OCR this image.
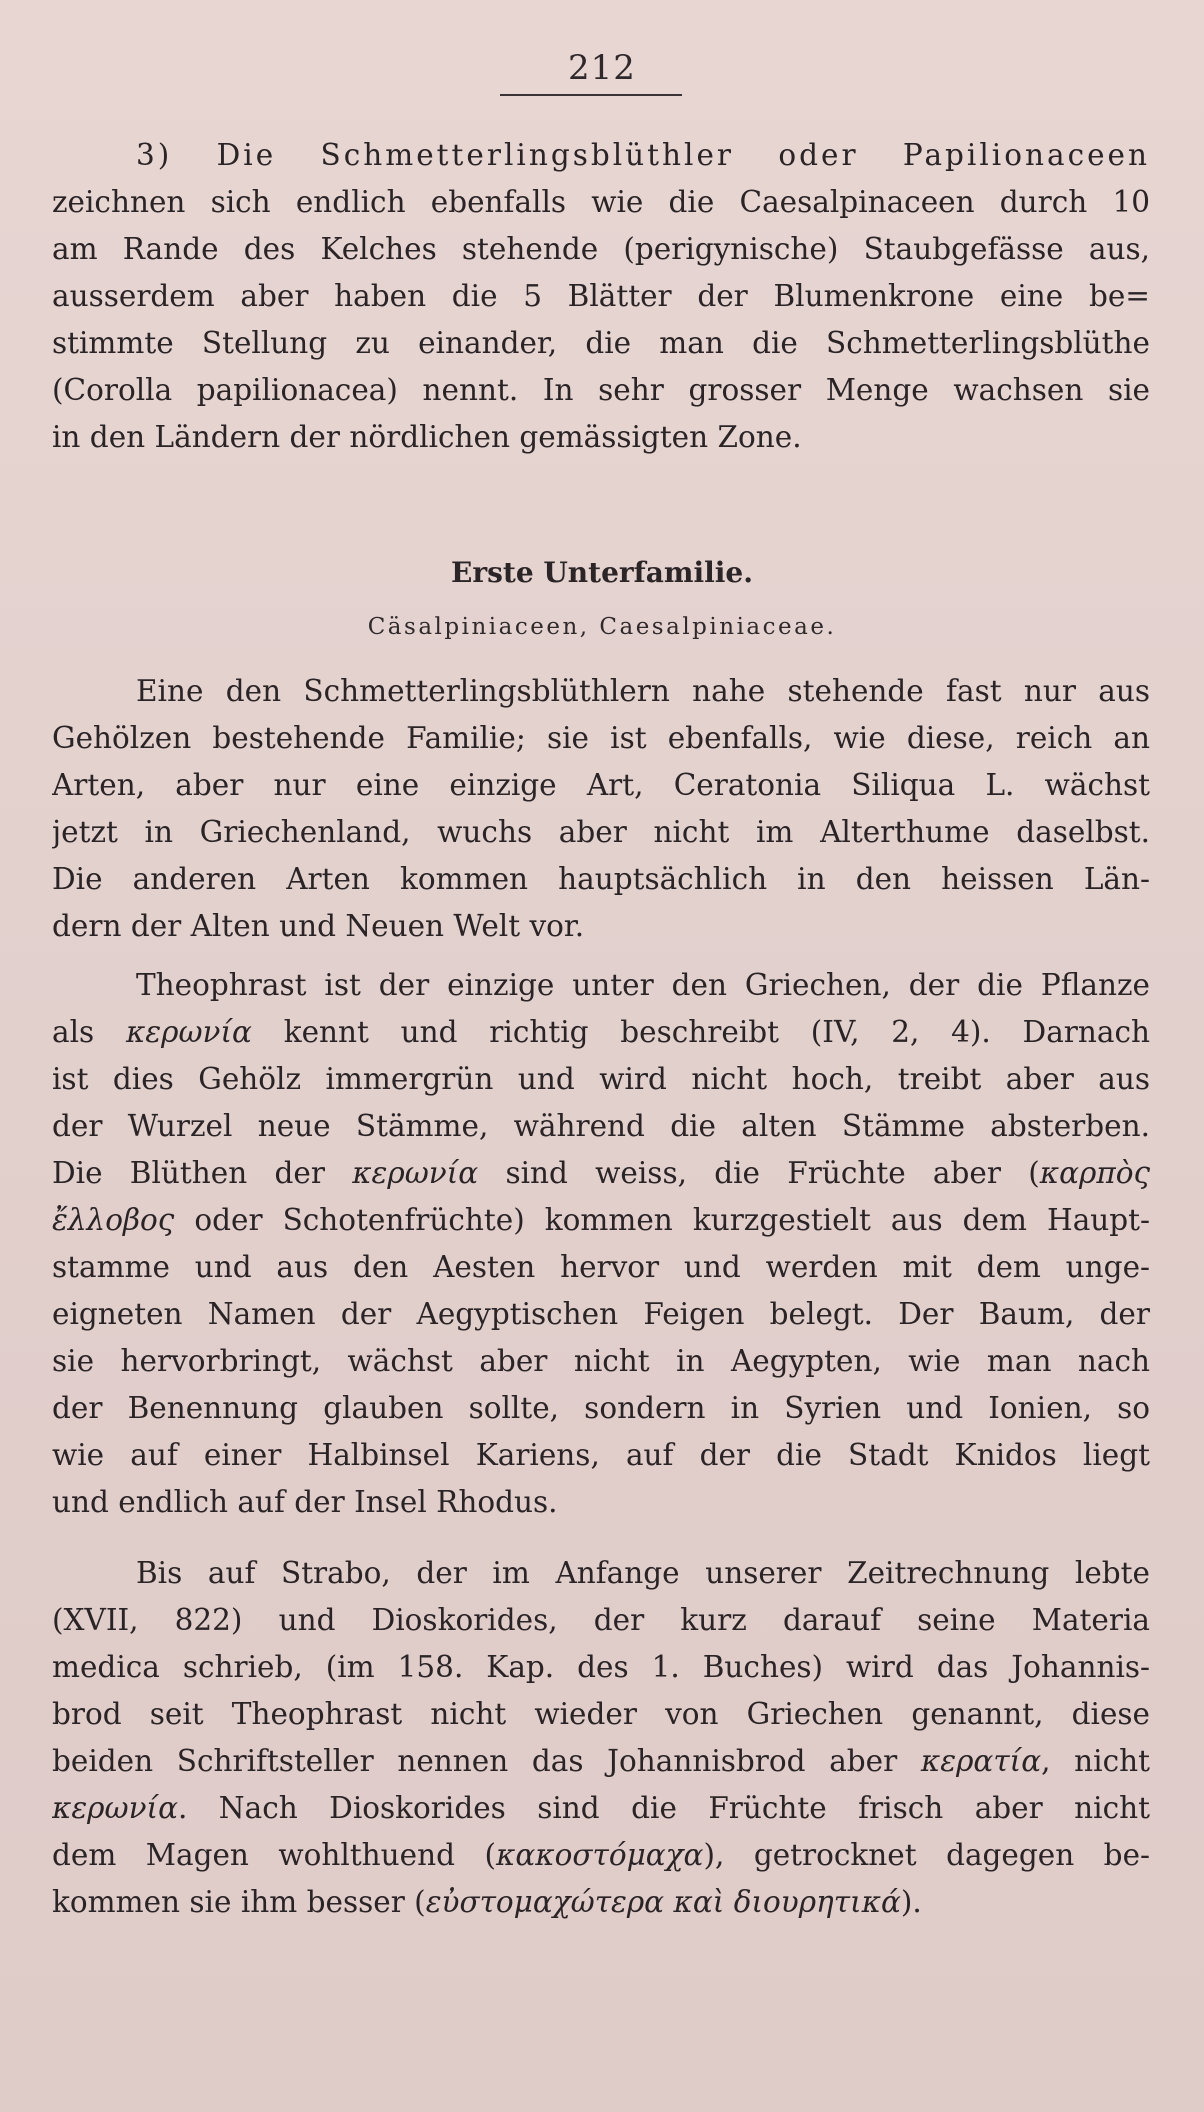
212
3) Die Schmetterlingsblüthler oder Papilionaceen
zeichnen sich endlich ebenfalls wie die Caesalpinaceen durch 10
am Rande des Kelches stehende (perigynische) Staubgefässe aus,
ausserdem aber haben die 5 Blätter der Blumenkrone eine be=
stimmte Stellung zu einander, die man die Schmetterlingsblüthe
(Corolla papilionacea) nennt. In sehr grosser Menge wachsen sie
in den Ländern der nördlichen gemässigten Zone.
Erste Unterfamilie.
Cäsalpiniaceen, Caesalpiniaceae.
Eine den Schmetterlingsblüthlern nahe stehende fast nur aus
Gehölzen bestehende Familie; sie ist ebenfalls, wie diese, reich an
Arten, aber nur eine einzige Art, Ceratonia Siliqua L. wächst
jetzt in Griechenland, wuchs aber nicht im Alterthume daselbst.
Die anderen Arten kommen hauptsächlich in den heissen Län-
dern der Alten und Neuen Welt vor.
Theophrast ist der einzige unter den Griechen, der die Pflanze
als κερωνία kennt und richtig beschreibt (IV, 2, 4). Darnach
ist dies Gehölz immergrün und wird nicht hoch, treibt aber aus
der Wurzel neue Stämme, während die alten Stämme absterben.
Die Blüthen der κερωνία sind weiss, die Früchte aber (καρπὸς
ἔλλοβος oder Schotenfrüchte) kommen kurzgestielt aus dem Haupt-
stamme und aus den Aesten hervor und werden mit dem unge-
eigneten Namen der Aegyptischen Feigen belegt. Der Baum, der
sie hervorbringt, wächst aber nicht in Aegypten, wie man nach
der Benennung glauben sollte, sondern in Syrien und Ionien, so
wie auf einer Halbinsel Kariens, auf der die Stadt Knidos liegt
und endlich auf der Insel Rhodus.
Bis auf Strabo, der im Anfange unserer Zeitrechnung lebte
(XVII, 822) und Dioskorides, der kurz darauf seine Materia
medica schrieb, (im 158. Kap. des 1. Buches) wird das Johannis-
brod seit Theophrast nicht wieder von Griechen genannt, diese
beiden Schriftsteller nennen das Johannisbrod aber κερατία, nicht
κερωνία. Nach Dioskorides sind die Früchte frisch aber nicht
dem Magen wohlthuend (κακοστόμαχα), getrocknet dagegen be-
kommen sie ihm besser (εὐστομαχώτερα καὶ διουρητικά).
